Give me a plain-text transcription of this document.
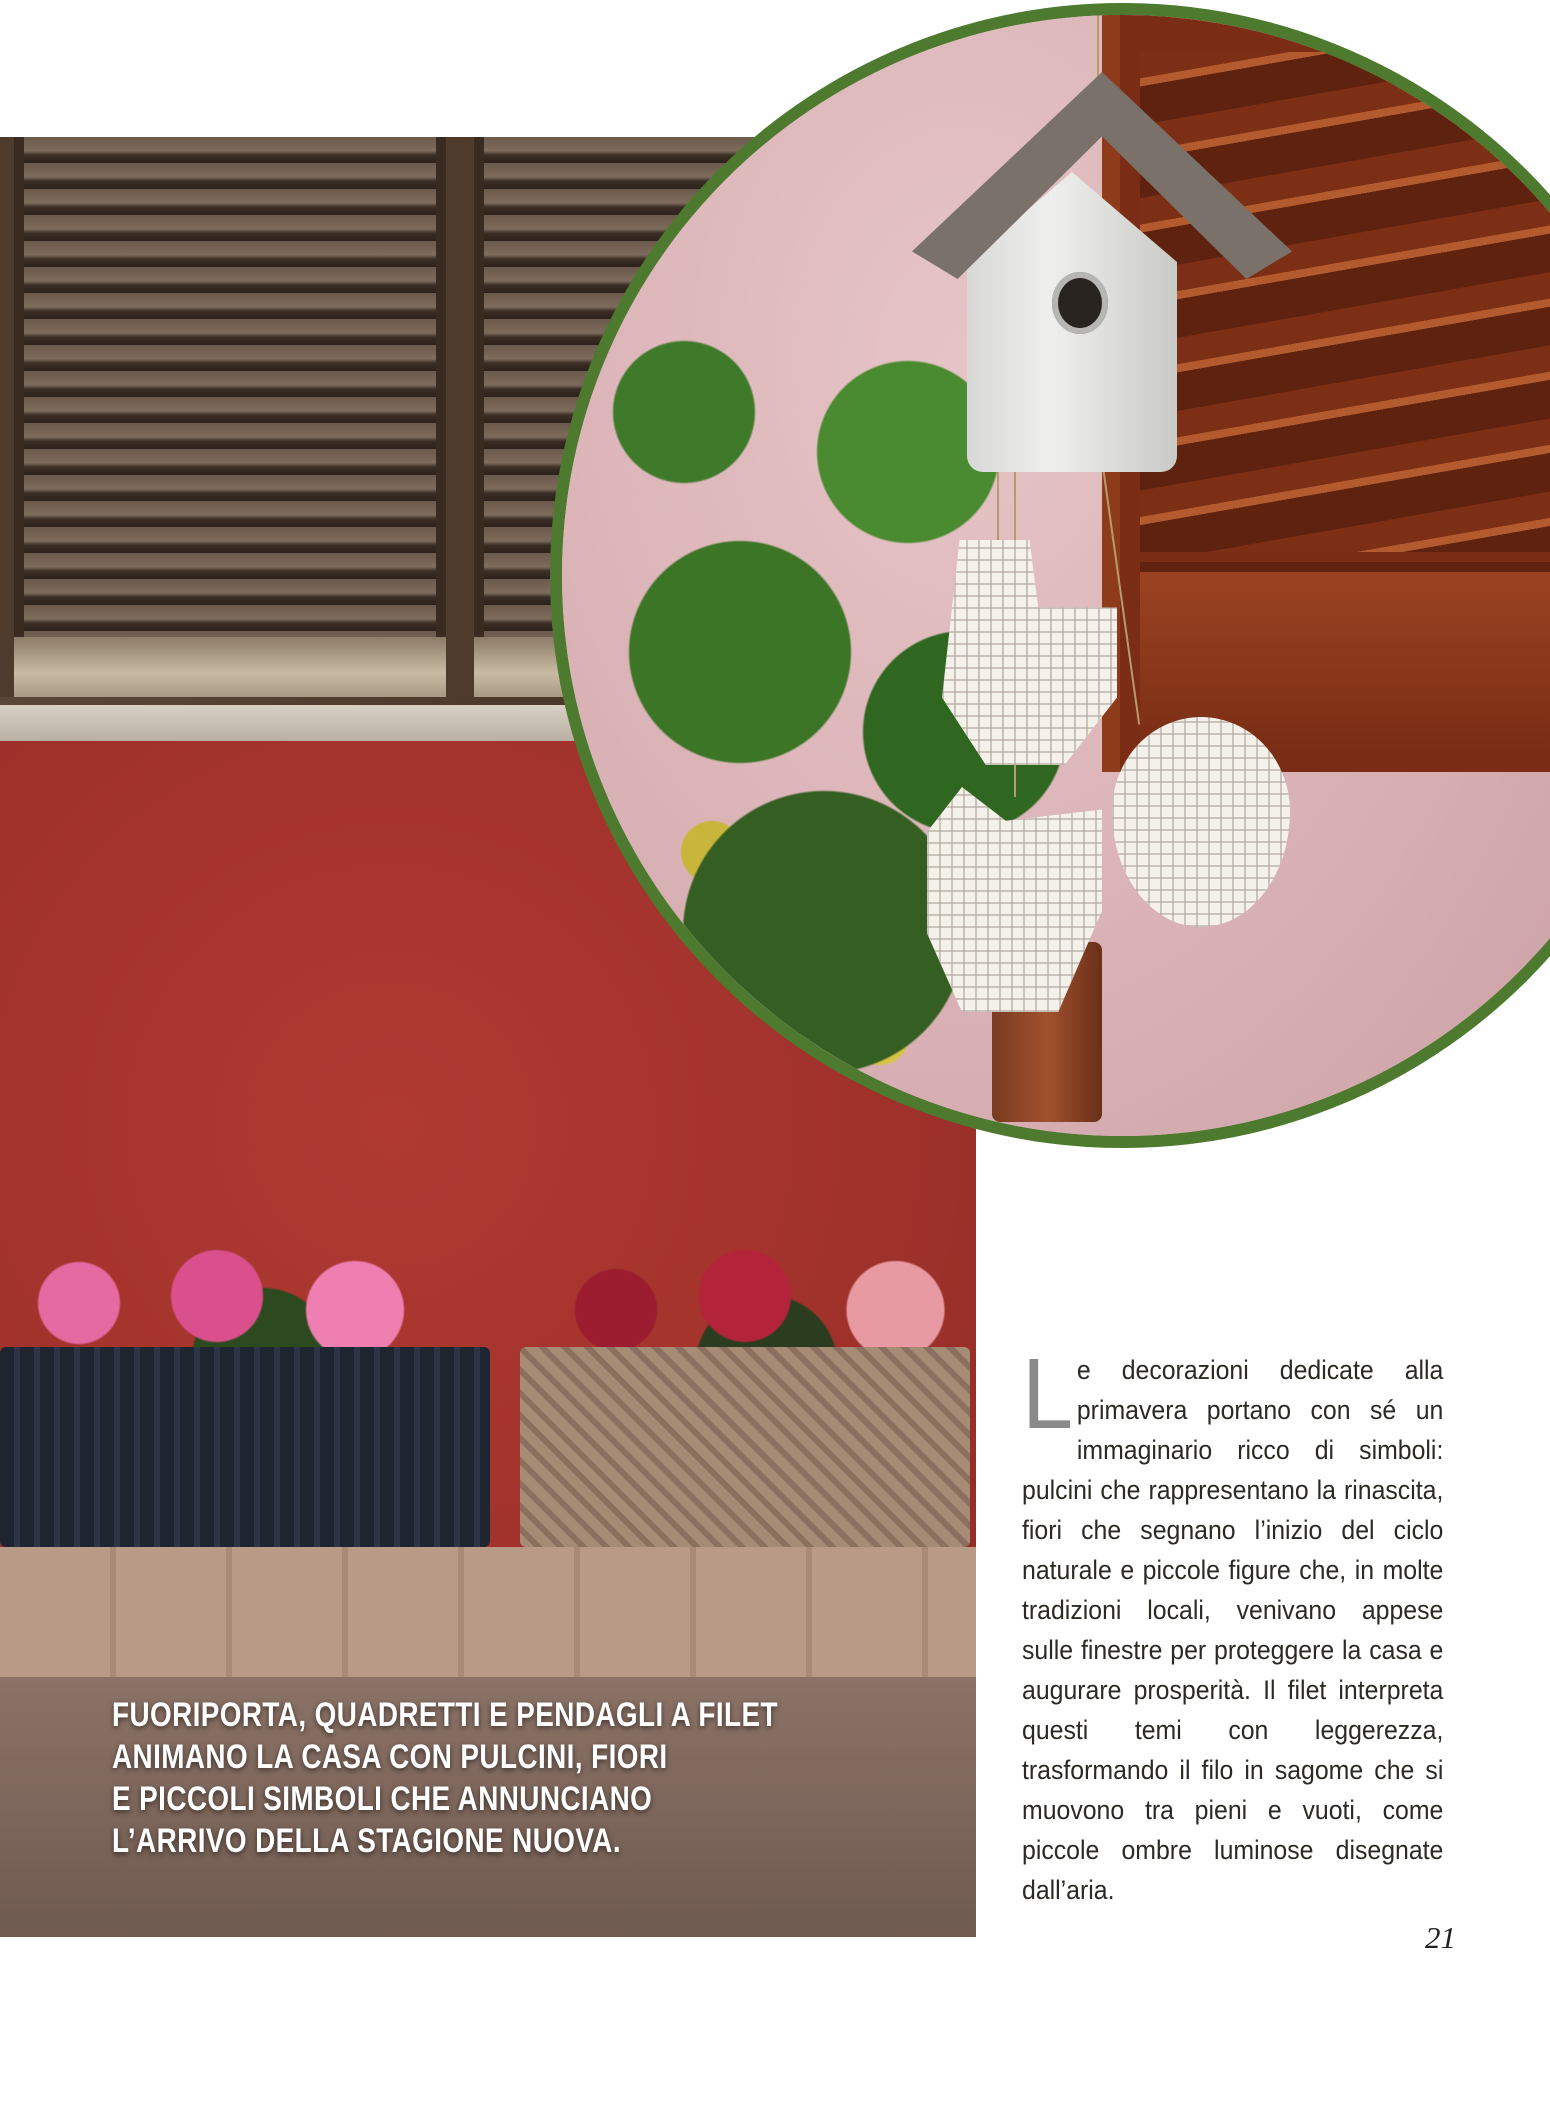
FUORIPORTA, QUADRETTI E PENDAGLI A FILET
ANIMANO LA CASA CON PULCINI, FIORI
E PICCOLI SIMBOLI CHE ANNUNCIANO
L’ARRIVO DELLA STAGIONE NUOVA.

Le decorazioni dedicate alla primavera portano con sé un immaginario ricco di simboli: pulcini che rappresentano la rinascita, fiori che segnano l’inizio del ciclo naturale e piccole figure che, in molte tradizioni locali, venivano appese sulle finestre per proteggere la casa e augurare prosperità. Il filet interpreta questi temi con leggerezza, trasformando il filo in sagome che si muovono tra pieni e vuoti, come piccole ombre luminose disegnate dall’aria.

21
